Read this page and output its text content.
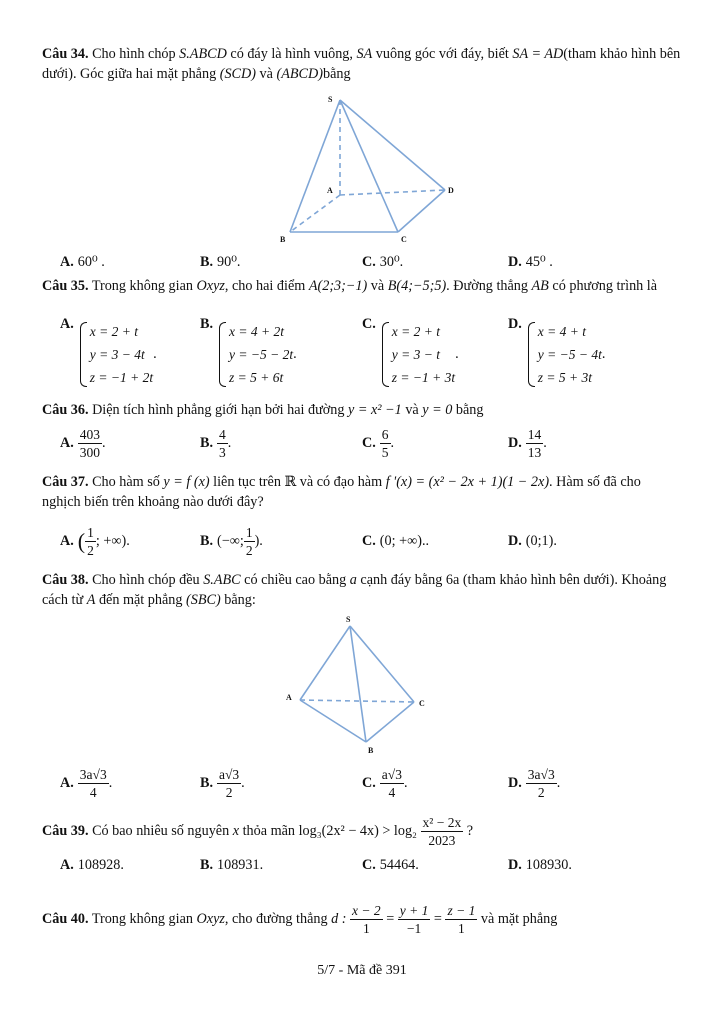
Câu 34. Cho hình chóp S.ABCD có đáy là hình vuông, SA vuông góc với đáy, biết SA = AD(tham khảo hình bên dưới). Góc giữa hai mặt phẳng (SCD) và (ABCD)bằng
S
A
B	C
D
A. 60⁰ .	B. 90⁰.	C. 30⁰.	D. 45⁰ .
Câu 35. Trong không gian Oxyz, cho hai điểm A(2;3;−1) và B(4;−5;5). Đường thẳng AB có phương trình là
A. x = 2 + t
y = 3 − 4t
z = −1 + 2t
.
B. x = 4 + 2t
y = −5 − 2t
z = 5 + 6t
.
C. x = 2 + t
y = 3 − t
z = −1 + 3t
.
D. x = 4 + t
y = −5 − 4t
z = 5 + 3t
.
Câu 36. Diện tích hình phẳng giới hạn bởi hai đường y = x² −1 và y = 0 bằng
A. $\frac{403}{300}$ .	B. $\frac{4}{3}$ .	C. $\frac{6}{5}$ .	D. $\frac{14}{13}$ .
Câu 37. Cho hàm số y = f (x) liên tục trên ℝ và có đạo hàm f '(x) = (x² − 2x + 1)(1 − 2x). Hàm số đã cho nghịch biến trên khoảng nào dưới đây?
A. ( $\frac{1}{2}$ ; +∞).	B. (−∞; $\frac{1}{2}$ ).	C. (0; +∞)..	D. (0;1).
Câu 38. Cho hình chóp đều S.ABC có chiều cao bằng a cạnh đáy bằng 6a (tham khảo hình bên dưới). Khoảng cách từ A đến mặt phẳng (SBC) bằng:
S
A
B
C
A. $\frac{3a√3}{4}$ .	B. $\frac{a√3}{2}$ .	C. $\frac{a√3}{4}$ .	D. $\frac{3a√3}{2}$ .
Câu 39. Có bao nhiêu số nguyên x thỏa mãn $\log_3(2x^2 - 4x) > \log_2 \frac{\text{x² − 2x}}{2023}$ ?
A. 108928.	B. 108931.	C. 54464.	D. 108930.
Câu 40. Trong không gian Oxyz, cho đường thẳng d : $\frac{x - 2}{1} = \frac{y + 1}{-1} = \frac{z - 1}{1}$ và mặt phẳng
5/7 - Mã đề 391
